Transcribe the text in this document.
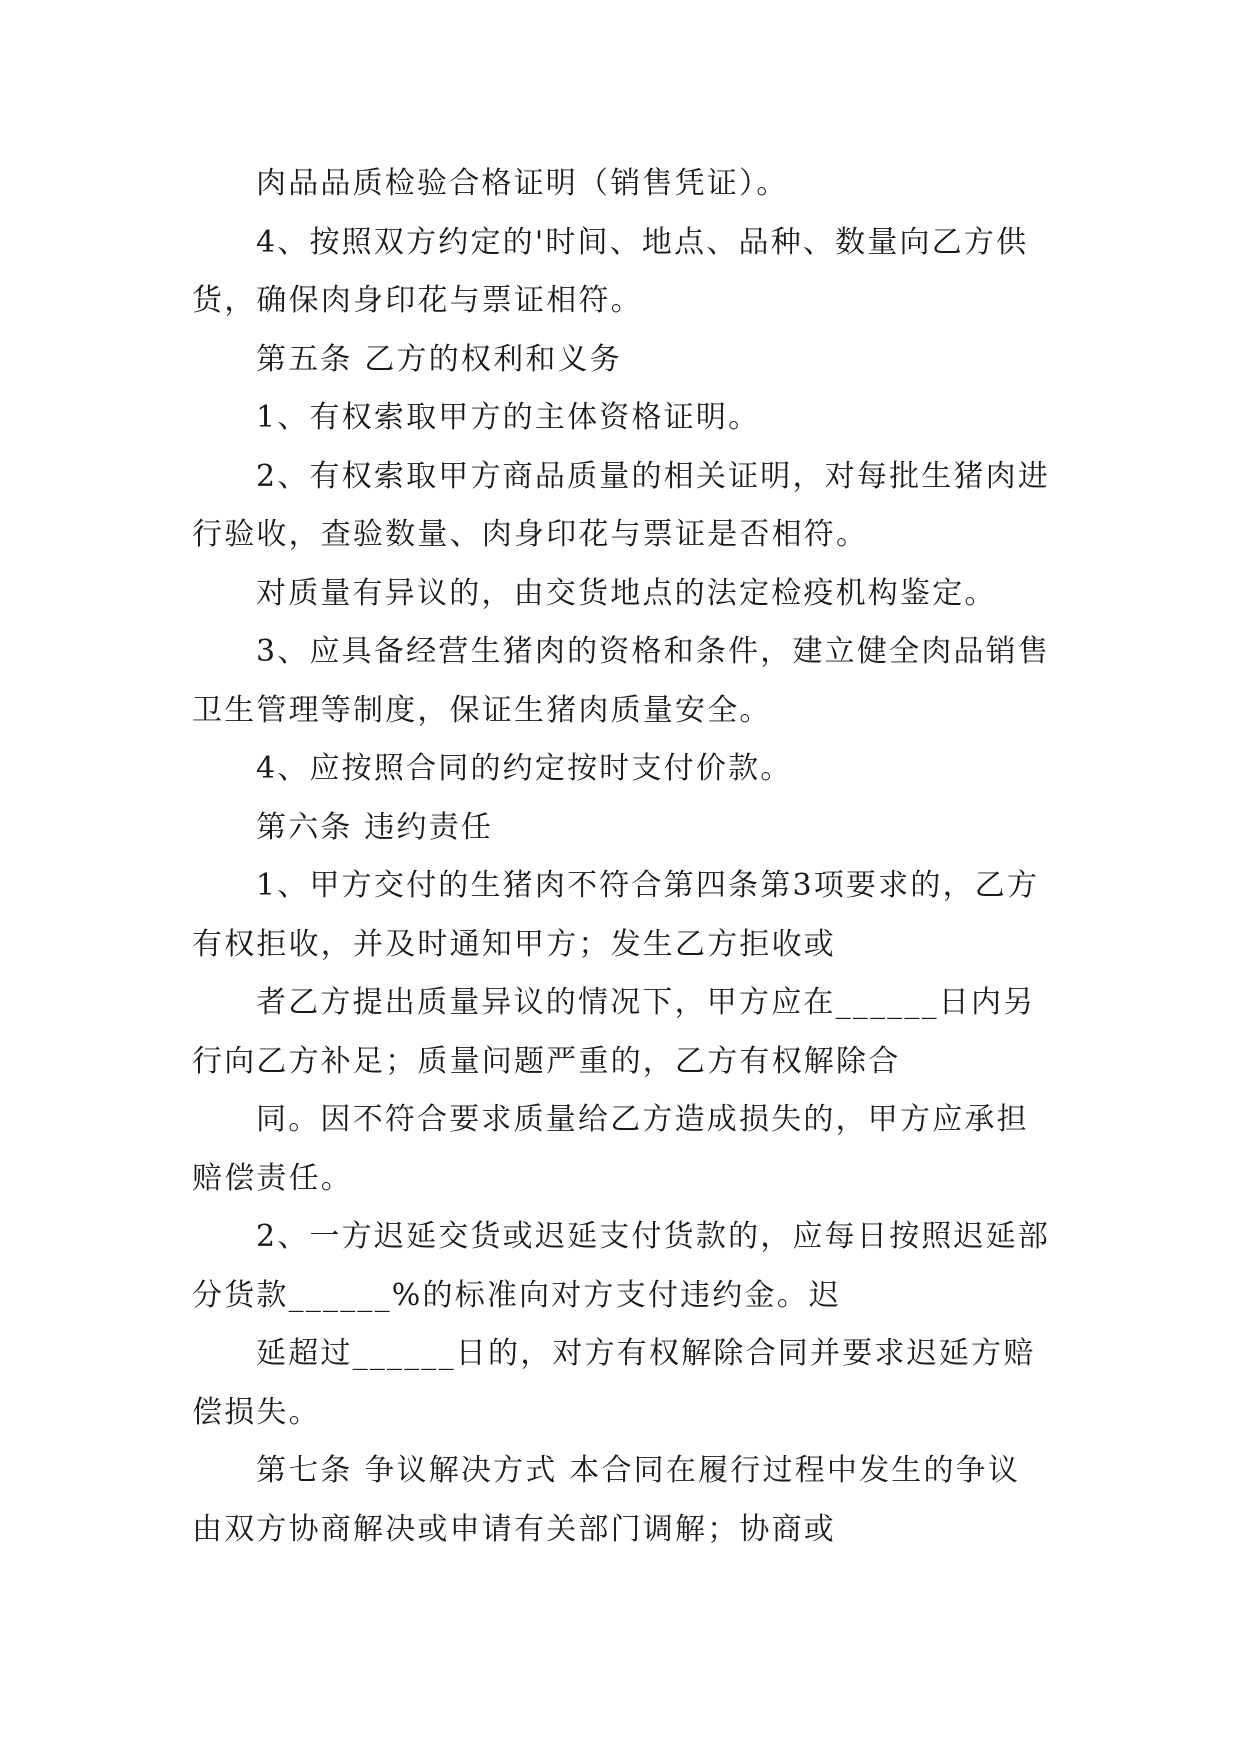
肉品品质检验合格证明（销售凭证）。

4、按照双方约定的'时间、地点、品种、数量向乙方供货，确保肉身印花与票证相符。

第五条 乙方的权利和义务

1、有权索取甲方的主体资格证明。

2、有权索取甲方商品质量的相关证明，对每批生猪肉进行验收，查验数量、肉身印花与票证是否相符。

对质量有异议的，由交货地点的法定检疫机构鉴定。

3、应具备经营生猪肉的资格和条件，建立健全肉品销售卫生管理等制度，保证生猪肉质量安全。

4、应按照合同的约定按时支付价款。

第六条 违约责任

1、甲方交付的生猪肉不符合第四条第3项要求的，乙方有权拒收，并及时通知甲方；发生乙方拒收或

者乙方提出质量异议的情况下，甲方应在______日内另行向乙方补足；质量问题严重的，乙方有权解除合

同。因不符合要求质量给乙方造成损失的，甲方应承担赔偿责任。

2、一方迟延交货或迟延支付货款的，应每日按照迟延部分货款______%的标准向对方支付违约金。迟

延超过______日的，对方有权解除合同并要求迟延方赔偿损失。

第七条 争议解决方式 本合同在履行过程中发生的争议由双方协商解决或申请有关部门调解；协商或
